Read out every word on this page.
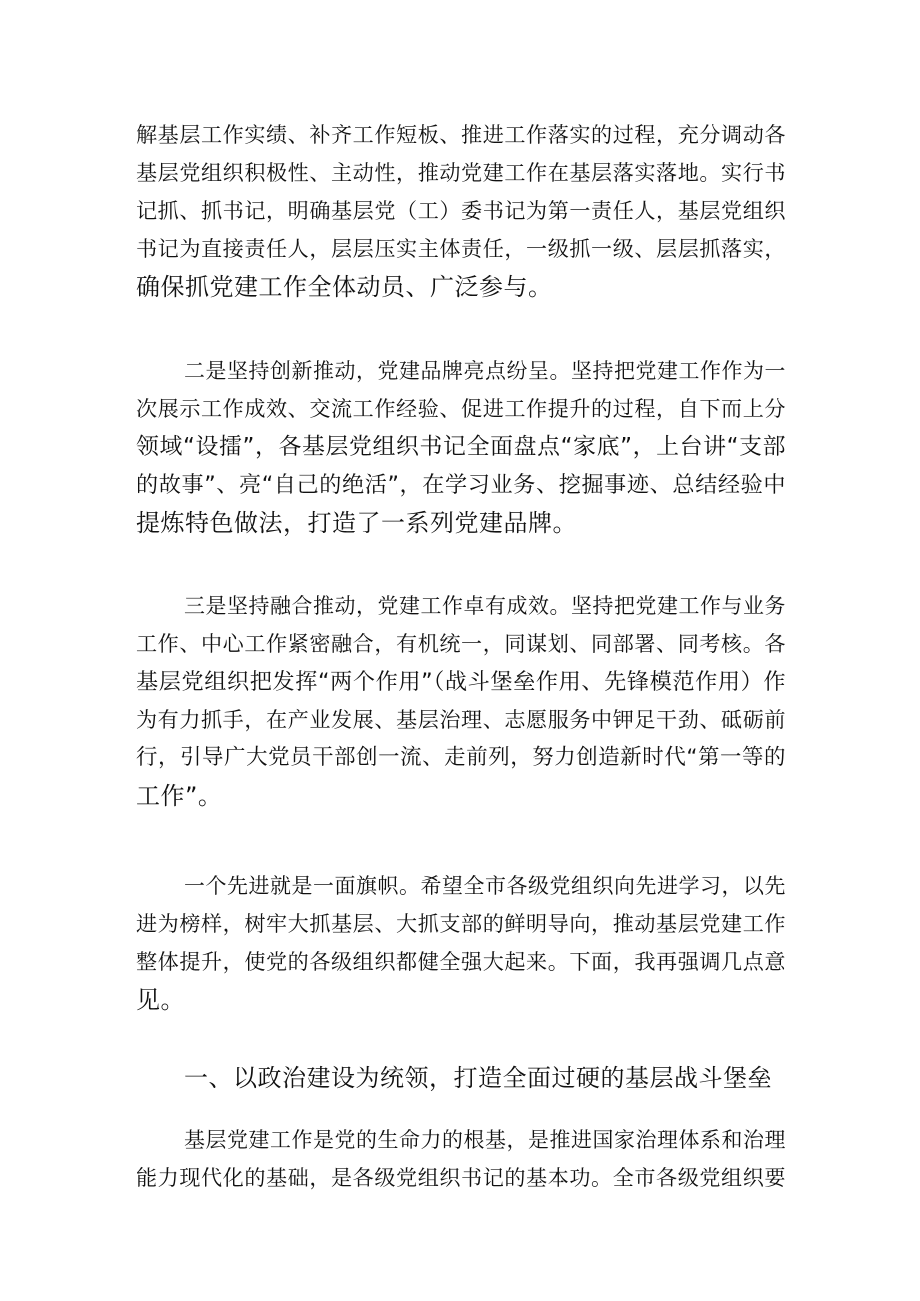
解基层工作实绩、补齐工作短板、推进工作落实的过程，充分调动各
基层党组织积极性、主动性，推动党建工作在基层落实落地。实行书
记抓、抓书记，明确基层党（工）委书记为第一责任人，基层党组织
书记为直接责任人，层层压实主体责任，一级抓一级、层层抓落实，
确保抓党建工作全体动员、广泛参与。
二是坚持创新推动，党建品牌亮点纷呈。坚持把党建工作作为一
次展示工作成效、交流工作经验、促进工作提升的过程，自下而上分
领域“设擂”，各基层党组织书记全面盘点“家底”，上台讲“支部
的故事”、亮“自己的绝活”，在学习业务、挖掘事迹、总结经验中
提炼特色做法，打造了一系列党建品牌。
三是坚持融合推动，党建工作卓有成效。坚持把党建工作与业务
工作、中心工作紧密融合，有机统一，同谋划、同部署、同考核。各
基层党组织把发挥“两个作用”（战斗堡垒作用、先锋模范作用）作
为有力抓手，在产业发展、基层治理、志愿服务中钾足干劲、砥砺前
行，引导广大党员干部创一流、走前列，努力创造新时代“第一等的
工作”。
一个先进就是一面旗帜。希望全市各级党组织向先进学习，以先
进为榜样，树牢大抓基层、大抓支部的鲜明导向，推动基层党建工作
整体提升，使党的各级组织都健全强大起来。下面，我再强调几点意
见。
一、以政治建设为统领，打造全面过硬的基层战斗堡垒
基层党建工作是党的生命力的根基，是推进国家治理体系和治理
能力现代化的基础，是各级党组织书记的基本功。全市各级党组织要
